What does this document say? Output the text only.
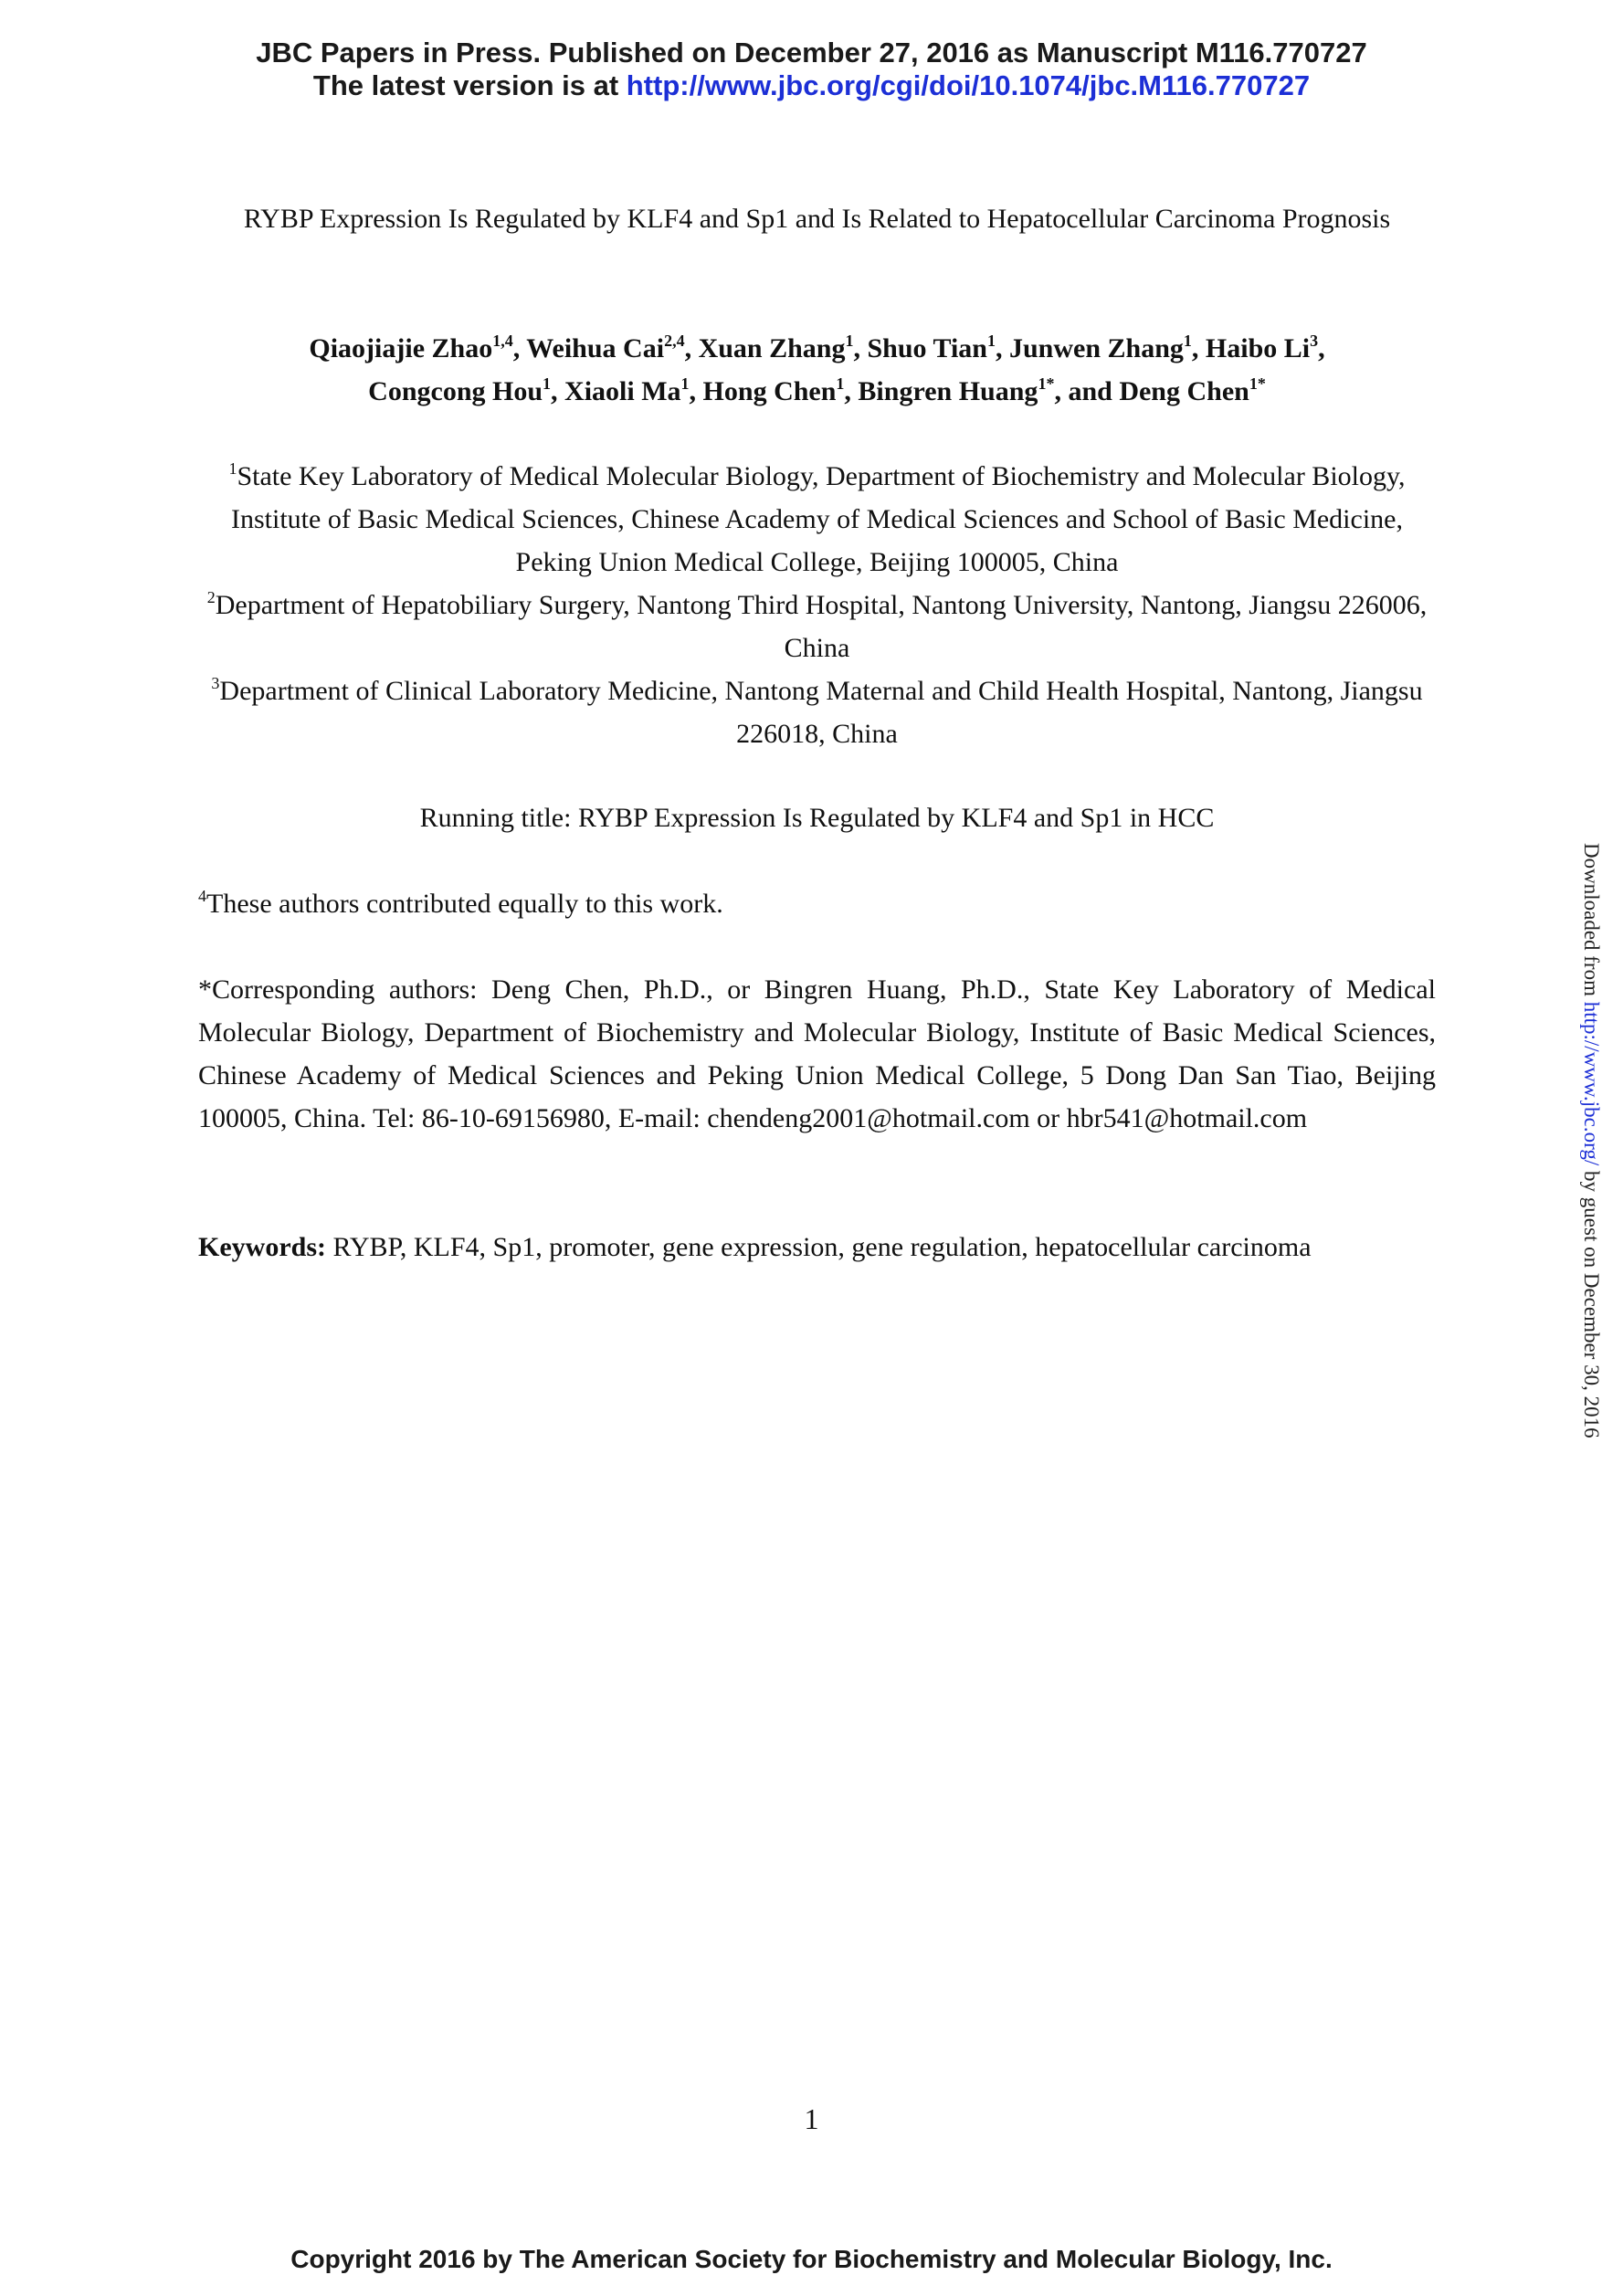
JBC Papers in Press. Published on December 27, 2016 as Manuscript M116.770727
The latest version is at http://www.jbc.org/cgi/doi/10.1074/jbc.M116.770727
RYBP Expression Is Regulated by KLF4 and Sp1 and Is Related to Hepatocellular Carcinoma Prognosis
Qiaojiajie Zhao$^{1,4}$, Weihua Cai$^{2,4}$, Xuan Zhang$^1$, Shuo Tian$^1$, Junwen Zhang$^1$, Haibo Li$^3$,
Congcong Hou$^1$, Xiaoli Ma$^1$, Hong Chen$^1$, Bingren Huang$^{1*}$, and Deng Chen$^{1*}$

$^1$State Key Laboratory of Medical Molecular Biology, Department of Biochemistry and Molecular Biology, Institute of Basic Medical Sciences, Chinese Academy of Medical Sciences and School of Basic Medicine, Peking Union Medical College, Beijing 100005, China

$^2$Department of Hepatobiliary Surgery, Nantong Third Hospital, Nantong University, Nantong, Jiangsu 226006, China

$^3$Department of Clinical Laboratory Medicine, Nantong Maternal and Child Health Hospital, Nantong, Jiangsu 226018, China

Running title: RYBP Expression Is Regulated by KLF4 and Sp1 in HCC
$^4$These authors contributed equally to this work.
*Corresponding authors: Deng Chen, Ph.D., or Bingren Huang, Ph.D., State Key Laboratory of Medical Molecular Biology, Department of Biochemistry and Molecular Biology, Institute of Basic Medical Sciences, Chinese Academy of Medical Sciences and Peking Union Medical College, 5 Dong Dan San Tiao, Beijing 100005, China. Tel: 86-10-69156980, E-mail: chendeng2001@hotmail.com or hbr541@hotmail.com
Keywords: RYBP, KLF4, Sp1, promoter, gene expression, gene regulation, hepatocellular carcinoma
1
Copyright 2016 by The American Society for Biochemistry and Molecular Biology, Inc.
Downloaded from http://www.jbc.org/ by guest on December 30, 2016
